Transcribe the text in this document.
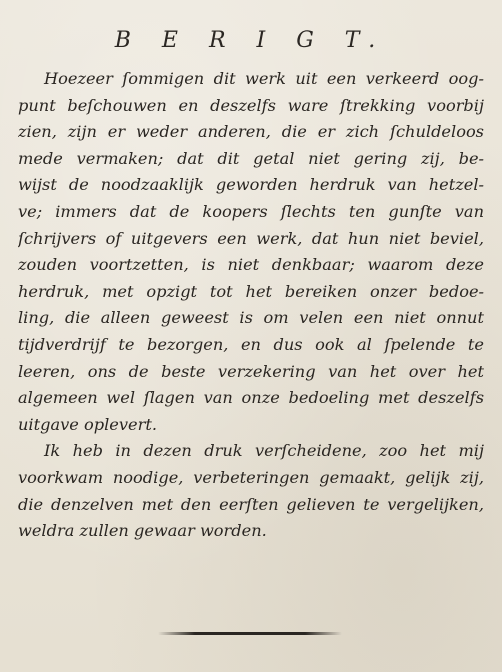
B E R I G T.
Hoezeer ſommigen dit werk uit een verkeerd oog-
punt beſchouwen en deszelfs ware ſtrekking voorbij
zien, zijn er weder anderen, die er zich ſchuldeloos
mede vermaken; dat dit getal niet gering zij, be-
wijst de noodzaaklijk geworden herdruk van hetzel-
ve; immers dat de koopers ſlechts ten gunſte van
ſchrijvers of uitgevers een werk, dat hun niet beviel,
zouden voortzetten, is niet denkbaar; waarom deze
herdruk, met opzigt tot het bereiken onzer bedoe-
ling, die alleen geweest is om velen een niet onnut
tijdverdrijf te bezorgen, en dus ook al ſpelende te
leeren, ons de beste verzekering van het over het
algemeen wel ſlagen van onze bedoeling met deszelfs
uitgave oplevert.
Ik heb in dezen druk verſcheidene, zoo het mij
voorkwam noodige, verbeteringen gemaakt, gelijk zij,
die denzelven met den eerſten gelieven te vergelijken,
weldra zullen gewaar worden.
